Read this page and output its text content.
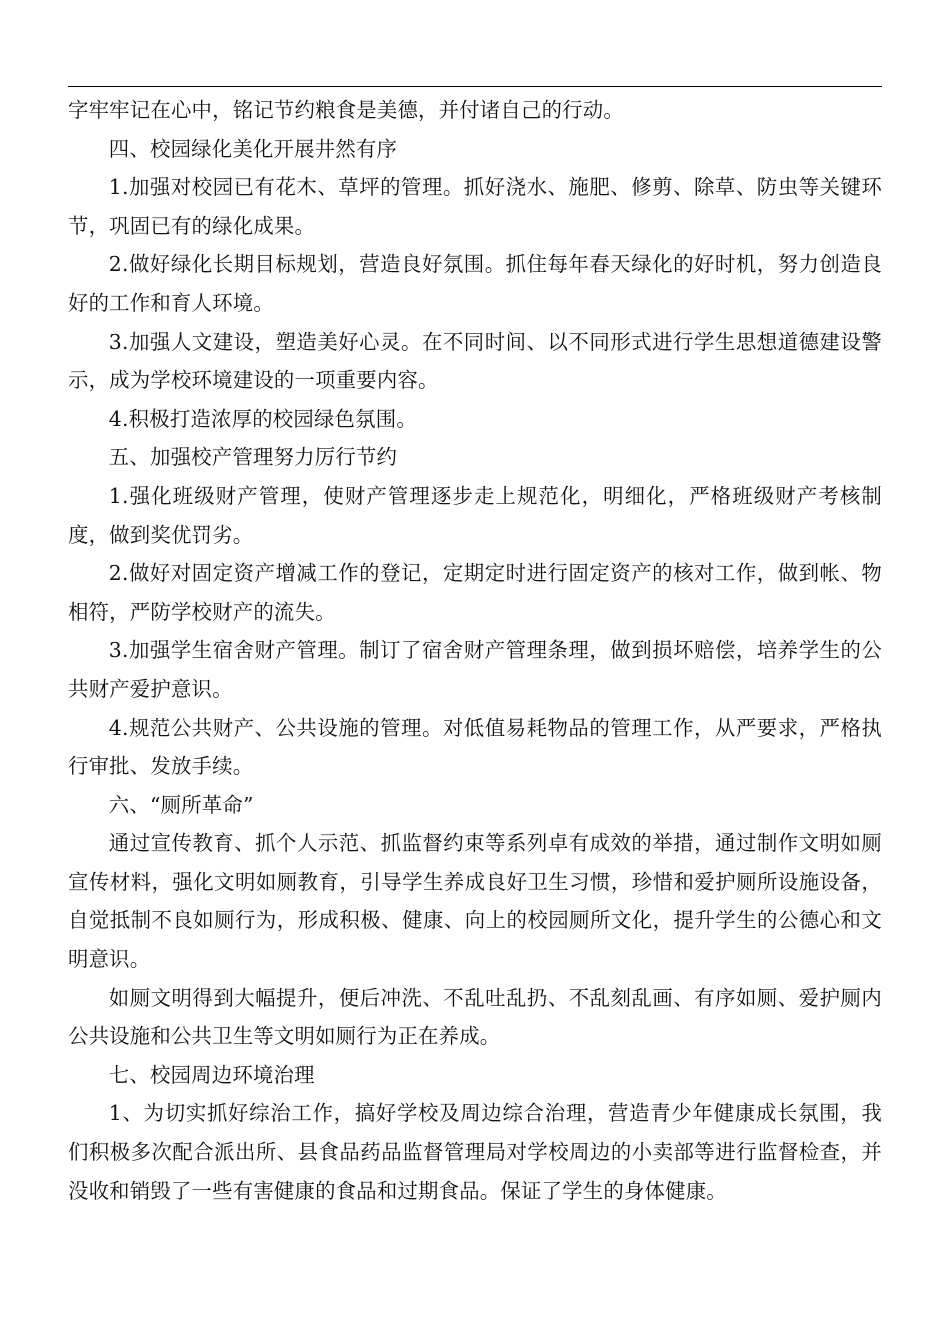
字牢牢记在心中，铭记节约粮食是美德，并付诸自己的行动。

四、校园绿化美化开展井然有序

1.加强对校园已有花木、草坪的管理。抓好浇水、施肥、修剪、除草、防虫等关键环节，巩固已有的绿化成果。

2.做好绿化长期目标规划，营造良好氛围。抓住每年春天绿化的好时机，努力创造良好的工作和育人环境。

3.加强人文建设，塑造美好心灵。在不同时间、以不同形式进行学生思想道德建设警示，成为学校环境建设的一项重要内容。

4.积极打造浓厚的校园绿色氛围。

五、加强校产管理努力厉行节约

1.强化班级财产管理，使财产管理逐步走上规范化，明细化，严格班级财产考核制度，做到奖优罚劣。

2.做好对固定资产增减工作的登记，定期定时进行固定资产的核对工作，做到帐、物相符，严防学校财产的流失。

3.加强学生宿舍财产管理。制订了宿舍财产管理条理，做到损坏赔偿，培养学生的公共财产爱护意识。

4.规范公共财产、公共设施的管理。对低值易耗物品的管理工作，从严要求，严格执行审批、发放手续。

六、“厕所革命”

通过宣传教育、抓个人示范、抓监督约束等系列卓有成效的举措，通过制作文明如厕宣传材料，强化文明如厕教育，引导学生养成良好卫生习惯，珍惜和爱护厕所设施设备，自觉抵制不良如厕行为，形成积极、健康、向上的校园厕所文化，提升学生的公德心和文明意识。

如厕文明得到大幅提升，便后冲洗、不乱吐乱扔、不乱刻乱画、有序如厕、爱护厕内公共设施和公共卫生等文明如厕行为正在养成。

七、校园周边环境治理

1、为切实抓好综治工作，搞好学校及周边综合治理，营造青少年健康成长氛围，我们积极多次配合派出所、县食品药品监督管理局对学校周边的小卖部等进行监督检查，并没收和销毁了一些有害健康的食品和过期食品。保证了学生的身体健康。
